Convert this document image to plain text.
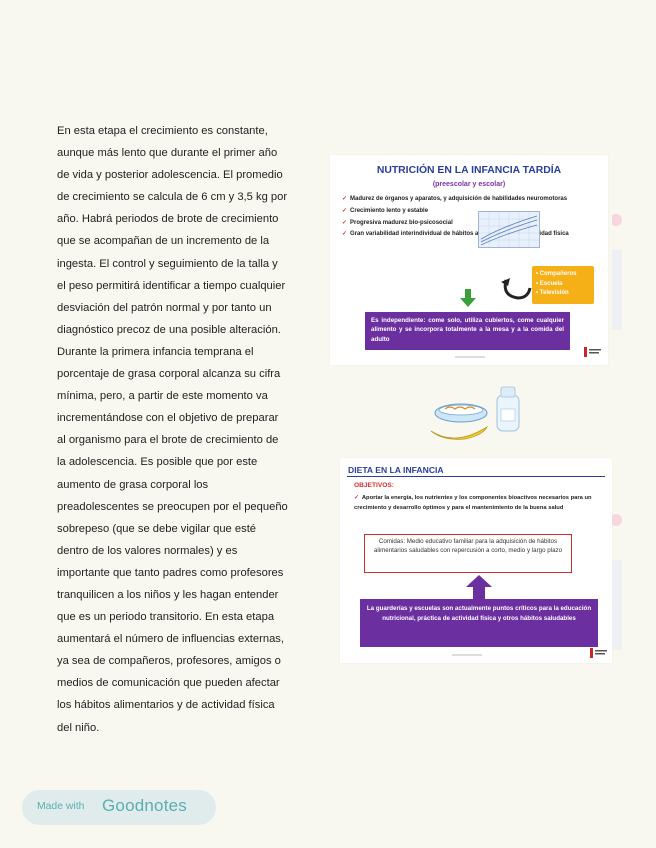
En esta etapa el crecimiento es constante,

aunque más lento que durante el primer año

de vida y posterior adolescencia. El promedio

de crecimiento se calcula de 6 cm y 3,5 kg por

año. Habrá periodos de brote de crecimiento

que se acompañan de un incremento de la

ingesta. El control y seguimiento de la talla y

el peso permitirá identificar a tiempo cualquier

desviación del patrón normal y por tanto un

diagnóstico precoz de una posible alteración.

Durante la primera infancia temprana el

porcentaje de grasa corporal alcanza su cifra

mínima, pero, a partir de este momento va

incrementándose con el objetivo de preparar

al organismo para el brote de crecimiento de

la adolescencia. Es posible que por este

aumento de grasa corporal los

preadolescentes se preocupen por el pequeño

sobrepeso (que se debe vigilar que esté

dentro de los valores normales) y es

importante que tanto padres como profesores

tranquilicen a los niños y les hagan entender

que es un periodo transitorio. En esta etapa

aumentará el número de influencias externas,

ya sea de compañeros, profesores, amigos o

medios de comunicación que pueden afectar

los hábitos alimentarios y de actividad física

del niño.

NUTRICIÓN EN LA INFANCIA TARDÍA
(preescolar y escolar)
✓ Madurez de órganos y aparatos, y adquisición de habilidades neuromotoras
✓ Crecimiento lento y estable
✓ Progresiva madurez bio-psicosocial
✓ Gran variabilidad interindividual de hábitos alimentarios y de actividad física
• Compañeros
• Escuela
• Televisión
Es independiente: come solo, utiliza cubiertos, come cualquier alimento y se incorpora totalmente a la mesa y a la comida del adulto
DIETA EN LA INFANCIA
OBJETIVOS:
✓ Aportar la energía, los nutrientes y los componentes bioactivos necesarios para un crecimiento y desarrollo óptimos y para el mantenimiento de la buena salud
Comidas: Medio educativo familiar para la adquisición de hábitos alimentarios saludables con repercusión a corto, medio y largo plazo
La guarderías y escuelas son actualmente puntos críticos para la educación nutricional, práctica de actividad física y otros hábitos saludables
Made with Goodnotes
